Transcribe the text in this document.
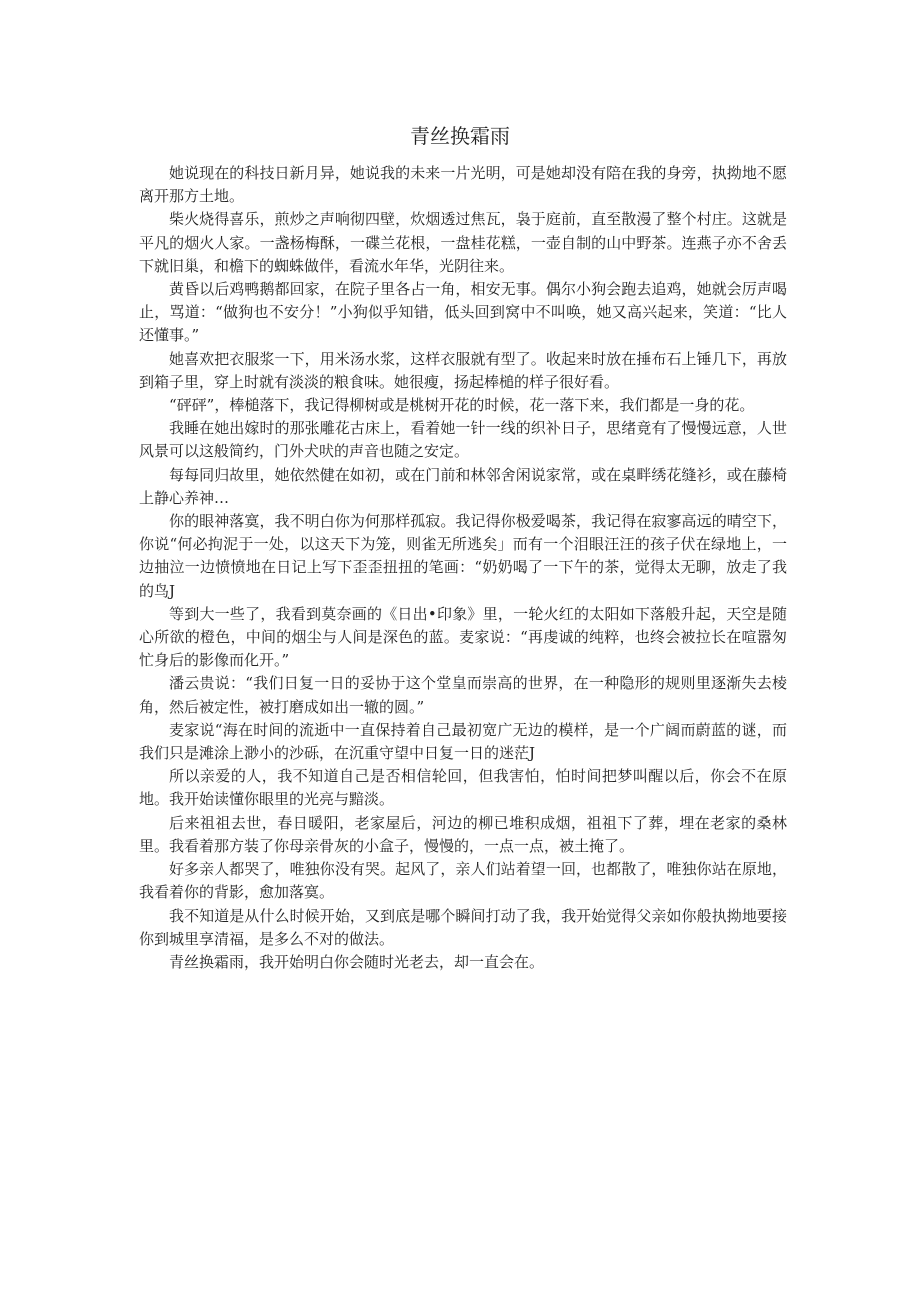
青丝换霜雨

她说现在的科技日新月异，她说我的未来一片光明，可是她却没有陪在我的身旁，执拗地不愿离开那方土地。

柴火烧得喜乐，煎炒之声响彻四壁，炊烟透过焦瓦，袅于庭前，直至散漫了整个村庄。这就是平凡的烟火人家。一盏杨梅酥，一碟兰花根，一盘桂花糕，一壶自制的山中野茶。连燕子亦不舍丢下就旧巢，和檐下的蜘蛛做伴，看流水年华，光阴往来。

黄昏以后鸡鸭鹅都回家，在院子里各占一角，相安无事。偶尔小狗会跑去追鸡，她就会厉声喝止，骂道：“做狗也不安分！”小狗似乎知错，低头回到窝中不叫唤，她又高兴起来，笑道：“比人还懂事。”

她喜欢把衣服浆一下，用米汤水浆，这样衣服就有型了。收起来时放在捶布石上锤几下，再放到箱子里，穿上时就有淡淡的粮食味。她很瘦，扬起棒槌的样子很好看。

“砰砰”，棒槌落下，我记得柳树或是桃树开花的时候，花一落下来，我们都是一身的花。

我睡在她出嫁时的那张雕花古床上，看着她一针一线的织补日子，思绪竟有了慢慢远意，人世风景可以这般简约，门外犬吠的声音也随之安定。

每每同归故里，她依然健在如初，或在门前和林邻舍闲说家常，或在桌畔绣花缝衫，或在藤椅上静心养神…

你的眼神落寞，我不明白你为何那样孤寂。我记得你极爱喝茶，我记得在寂寥高远的晴空下，你说“何必拘泥于一处，以这天下为笼，则雀无所逃矣」而有一个泪眼汪汪的孩子伏在绿地上，一边抽泣一边愤愤地在日记上写下歪歪扭扭的笔画：“奶奶喝了一下午的茶，觉得太无聊，放走了我的鸟J

等到大一些了，我看到莫奈画的《日出•印象》里，一轮火红的太阳如下落般升起，天空是随心所欲的橙色，中间的烟尘与人间是深色的蓝。麦家说：“再虔诚的纯粹，也终会被拉长在喧嚣匆忙身后的影像而化开。”

潘云贵说：“我们日复一日的妥协于这个堂皇而崇高的世界，在一种隐形的规则里逐渐失去棱角，然后被定性，被打磨成如出一辙的圆。”

麦家说“海在时间的流逝中一直保持着自己最初宽广无边的模样，是一个广阔而蔚蓝的谜，而我们只是滩涂上渺小的沙砾，在沉重守望中日复一日的迷茫J

所以亲爱的人，我不知道自己是否相信轮回，但我害怕，怕时间把梦叫醒以后，你会不在原地。我开始读懂你眼里的光亮与黯淡。

后来祖祖去世，春日暖阳，老家屋后，河边的柳已堆积成烟，祖祖下了葬，埋在老家的桑林里。我看着那方装了你母亲骨灰的小盒子，慢慢的，一点一点，被土掩了。

好多亲人都哭了，唯独你没有哭。起风了，亲人们站着望一回，也都散了，唯独你站在原地，我看着你的背影，愈加落寞。

我不知道是从什么时候开始，又到底是哪个瞬间打动了我，我开始觉得父亲如你般执拗地要接你到城里享清福，是多么不对的做法。

青丝换霜雨，我开始明白你会随时光老去，却一直会在。
